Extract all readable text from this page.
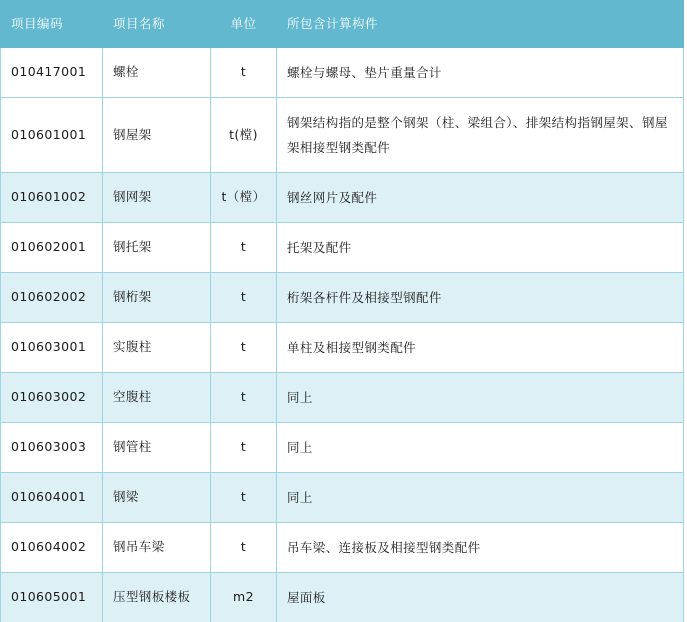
项目编码	项目名称	单位	所包含计算构件
010417001	螺栓	t	螺栓与螺母、垫片重量合计
010601001	钢屋架	t(樘)	钢架结构指的是整个钢架（柱、梁组合）、排架结构指钢屋架、钢屋架相接型钢类配件
010601002	钢网架	t（樘）	钢丝网片及配件
010602001	钢托架	t	托架及配件
010602002	钢桁架	t	桁架各杆件及相接型钢配件
010603001	实腹柱	t	单柱及相接型钢类配件
010603002	空腹柱	t	同上
010603003	钢管柱	t	同上
010604001	钢梁	t	同上
010604002	钢吊车梁	t	吊车梁、连接板及相接型钢类配件
010605001	压型钢板楼板	m2	屋面板
